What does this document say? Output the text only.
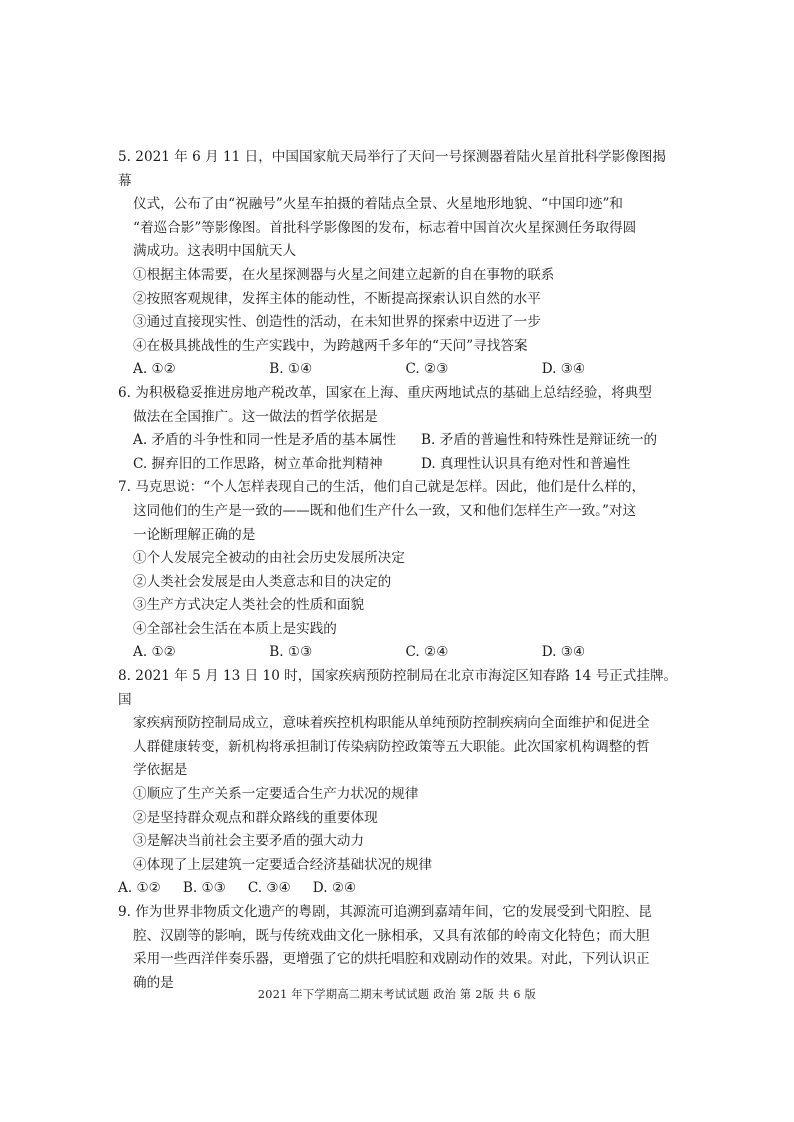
5. 2021 年 6 月 11 日，中国国家航天局举行了天问一号探测器着陆火星首批科学影像图揭幕
仪式，公布了由“祝融号”火星车拍摄的着陆点全景、火星地形地貌、“中国印迹”和
“着巡合影”等影像图。首批科学影像图的发布，标志着中国首次火星探测任务取得圆
满成功。这表明中国航天人
①根据主体需要，在火星探测器与火星之间建立起新的自在事物的联系
②按照客观规律，发挥主体的能动性，不断提高探索认识自然的水平
③通过直接现实性、创造性的活动，在未知世界的探索中迈进了一步
④在极具挑战性的生产实践中，为跨越两千多年的“天问”寻找答案
A. ①②	B. ①④	C. ②③	D. ③④
6. 为积极稳妥推进房地产税改革，国家在上海、重庆两地试点的基础上总结经验，将典型
做法在全国推广。这一做法的哲学依据是
A. 矛盾的斗争性和同一性是矛盾的基本属性	B. 矛盾的普遍性和特殊性是辩证统一的
C. 摒弃旧的工作思路，树立革命批判精神	D. 真理性认识具有绝对性和普遍性
7. 马克思说：“个人怎样表现自己的生活，他们自己就是怎样。因此，他们是什么样的，
这同他们的生产是一致的——既和他们生产什么一致，又和他们怎样生产一致。”对这
一论断理解正确的是
①个人发展完全被动的由社会历史发展所决定
②人类社会发展是由人类意志和目的决定的
③生产方式决定人类社会的性质和面貌
④全部社会生活在本质上是实践的
A. ①②	B. ①③	C. ②④	D. ③④
8. 2021 年 5 月 13 日 10 时，国家疾病预防控制局在北京市海淀区知春路 14 号正式挂牌。国
家疾病预防控制局成立，意味着疾控机构职能从单纯预防控制疾病向全面维护和促进全
人群健康转变，新机构将承担制订传染病防控政策等五大职能。此次国家机构调整的哲
学依据是
①顺应了生产关系一定要适合生产力状况的规律
②是坚持群众观点和群众路线的重要体现
③是解决当前社会主要矛盾的强大动力
④体现了上层建筑一定要适合经济基础状况的规律
A. ①② B. ①③ C. ③④ D. ②④
9. 作为世界非物质文化遗产的粤剧，其源流可追溯到嘉靖年间，它的发展受到弋阳腔、昆
腔、汉剧等的影响，既与传统戏曲文化一脉相承，又具有浓郁的岭南文化特色；而大胆
采用一些西洋伴奏乐器，更增强了它的烘托唱腔和戏剧动作的效果。对此，下列认识正
确的是
2021 年下学期高二期末考试试题 政治 第 2版 共 6 版
